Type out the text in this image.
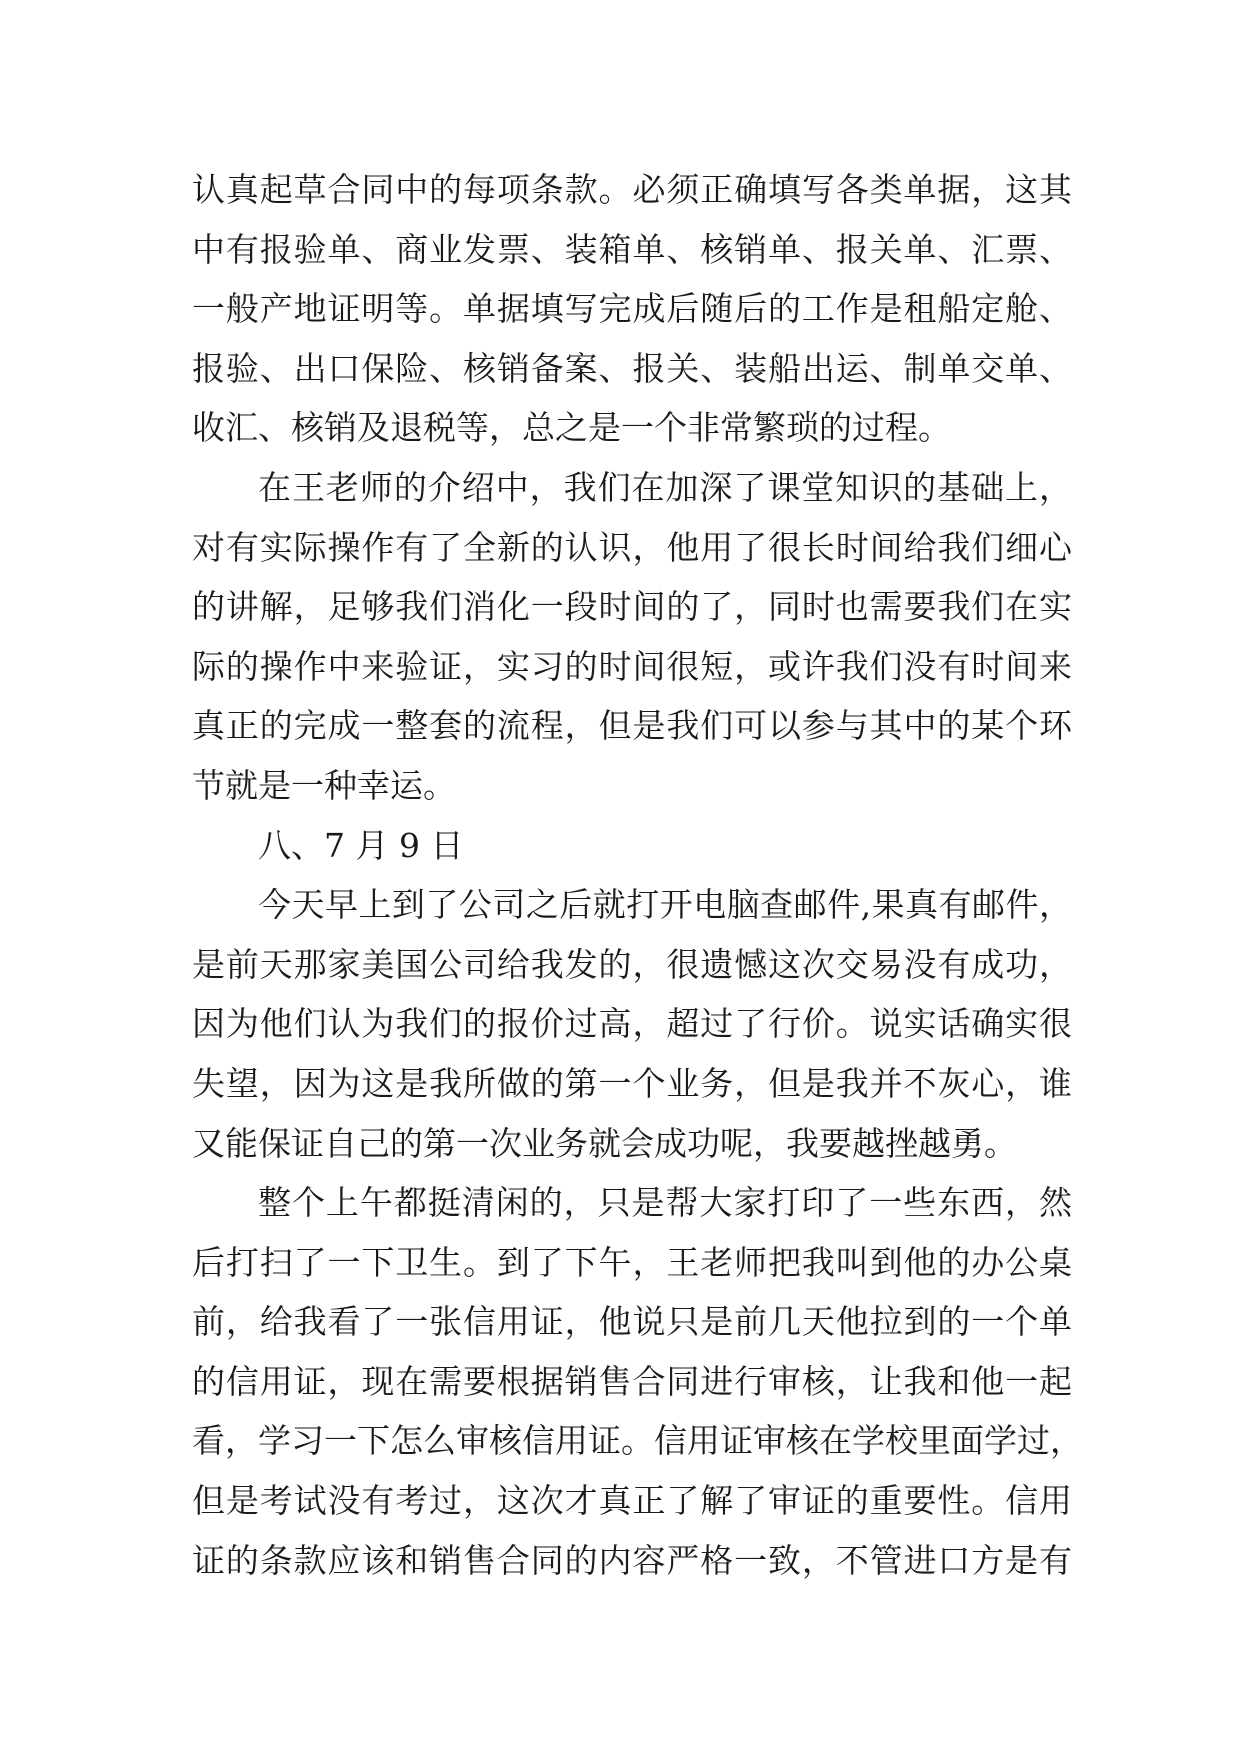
认真起草合同中的每项条款。必须正确填写各类单据，这其
中有报验单、商业发票、装箱单、核销单、报关单、汇票、
一般产地证明等。单据填写完成后随后的工作是租船定舱、
报验、出口保险、核销备案、报关、装船出运、制单交单、
收汇、核销及退税等，总之是一个非常繁琐的过程。
在王老师的介绍中，我们在加深了课堂知识的基础上，
对有实际操作有了全新的认识，他用了很长时间给我们细心
的讲解，足够我们消化一段时间的了，同时也需要我们在实
际的操作中来验证，实习的时间很短，或许我们没有时间来
真正的完成一整套的流程，但是我们可以参与其中的某个环
节就是一种幸运。
八、7 月 9 日
今天早上到了公司之后就打开电脑查邮件,果真有邮件，
是前天那家美国公司给我发的，很遗憾这次交易没有成功，
因为他们认为我们的报价过高，超过了行价。说实话确实很
失望，因为这是我所做的第一个业务，但是我并不灰心，谁
又能保证自己的第一次业务就会成功呢，我要越挫越勇。
整个上午都挺清闲的，只是帮大家打印了一些东西，然
后打扫了一下卫生。到了下午，王老师把我叫到他的办公桌
前，给我看了一张信用证，他说只是前几天他拉到的一个单
的信用证，现在需要根据销售合同进行审核，让我和他一起
看，学习一下怎么审核信用证。信用证审核在学校里面学过，
但是考试没有考过，这次才真正了解了审证的重要性。信用
证的条款应该和销售合同的内容严格一致，不管进口方是有
